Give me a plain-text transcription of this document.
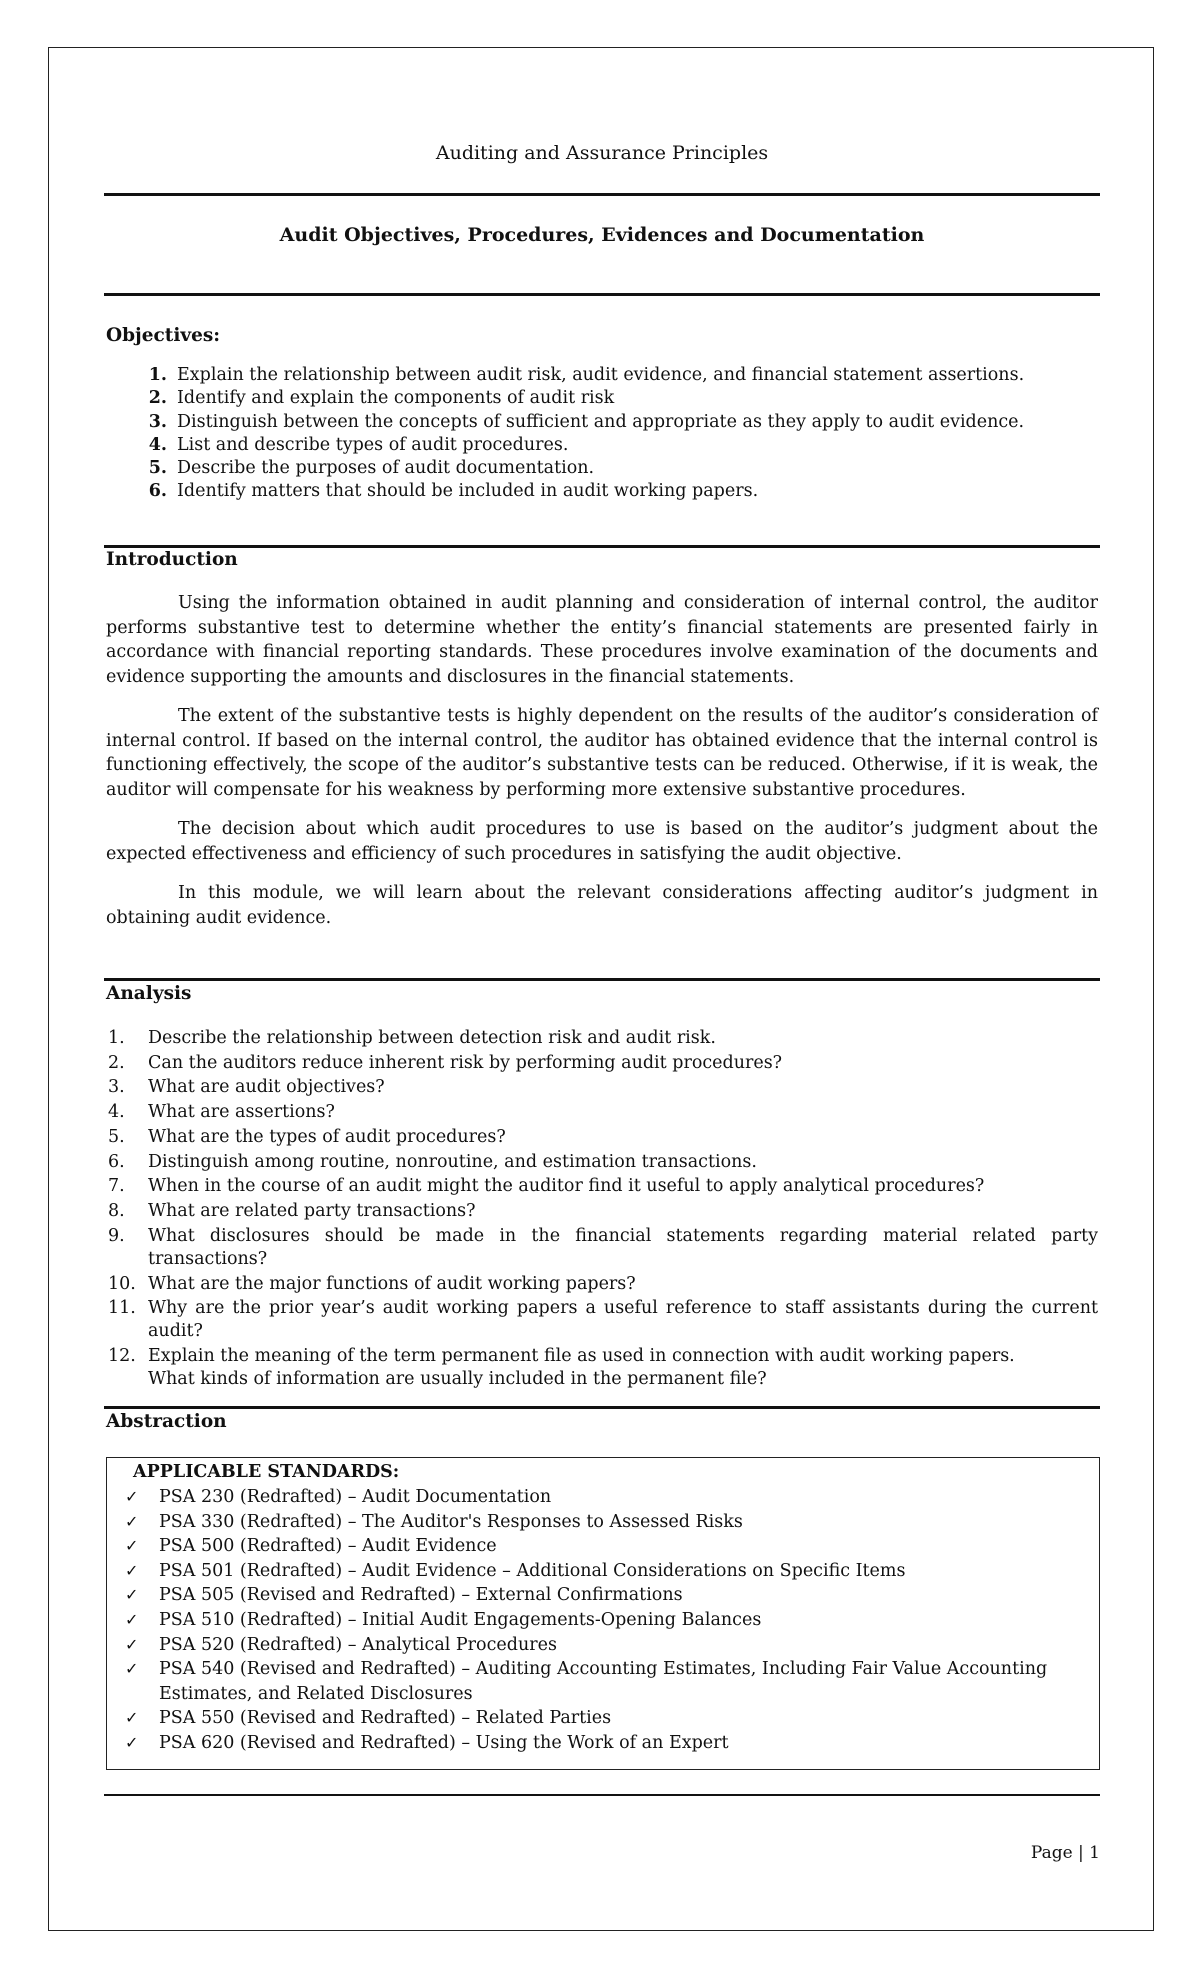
Auditing and Assurance Principles
Audit Objectives, Procedures, Evidences and Documentation
Objectives:
1. Explain the relationship between audit risk, audit evidence, and financial statement assertions.
2. Identify and explain the components of audit risk
3. Distinguish between the concepts of sufficient and appropriate as they apply to audit evidence.
4. List and describe types of audit procedures.
5. Describe the purposes of audit documentation.
6. Identify matters that should be included in audit working papers.
Introduction

Using the information obtained in audit planning and consideration of internal control, the auditor performs substantive test to determine whether the entity’s financial statements are presented fairly in accordance with financial reporting standards. These procedures involve examination of the documents and evidence supporting the amounts and disclosures in the financial statements.

The extent of the substantive tests is highly dependent on the results of the auditor’s consideration of internal control. If based on the internal control, the auditor has obtained evidence that the internal control is functioning effectively, the scope of the auditor’s substantive tests can be reduced. Otherwise, if it is weak, the auditor will compensate for his weakness by performing more extensive substantive procedures.

The decision about which audit procedures to use is based on the auditor’s judgment about the expected effectiveness and efficiency of such procedures in satisfying the audit objective.

In this module, we will learn about the relevant considerations affecting auditor’s judgment in obtaining audit evidence.

Analysis
1.	Describe the relationship between detection risk and audit risk.
2.	Can the auditors reduce inherent risk by performing audit procedures?
3.	What are audit objectives?
4.	What are assertions?
5.	What are the types of audit procedures?
6.	Distinguish among routine, nonroutine, and estimation transactions.
7.	When in the course of an audit might the auditor find it useful to apply analytical procedures?
8.	What are related party transactions?
9.	What disclosures should be made in the financial statements regarding material related party transactions?
10. What are the major functions of audit working papers?
11. Why are the prior year’s audit working papers a useful reference to staff assistants during the current audit?
12. Explain the meaning of the term permanent file as used in connection with audit working papers.
What kinds of information are usually included in the permanent file?
Abstraction
APPLICABLE STANDARDS:
✓	PSA 230 (Redrafted) – Audit Documentation
✓	PSA 330 (Redrafted) – The Auditor's Responses to Assessed Risks
✓	PSA 500 (Redrafted) – Audit Evidence
✓	PSA 501 (Redrafted) – Audit Evidence – Additional Considerations on Specific Items
✓	PSA 505 (Revised and Redrafted) – External Confirmations
✓	PSA 510 (Redrafted) – Initial Audit Engagements-Opening Balances
✓	PSA 520 (Redrafted) – Analytical Procedures
✓	PSA 540 (Revised and Redrafted) – Auditing Accounting Estimates, Including Fair Value Accounting Estimates, and Related Disclosures
✓	PSA 550 (Revised and Redrafted) – Related Parties
✓	PSA 620 (Revised and Redrafted) – Using the Work of an Expert
Page | 1
